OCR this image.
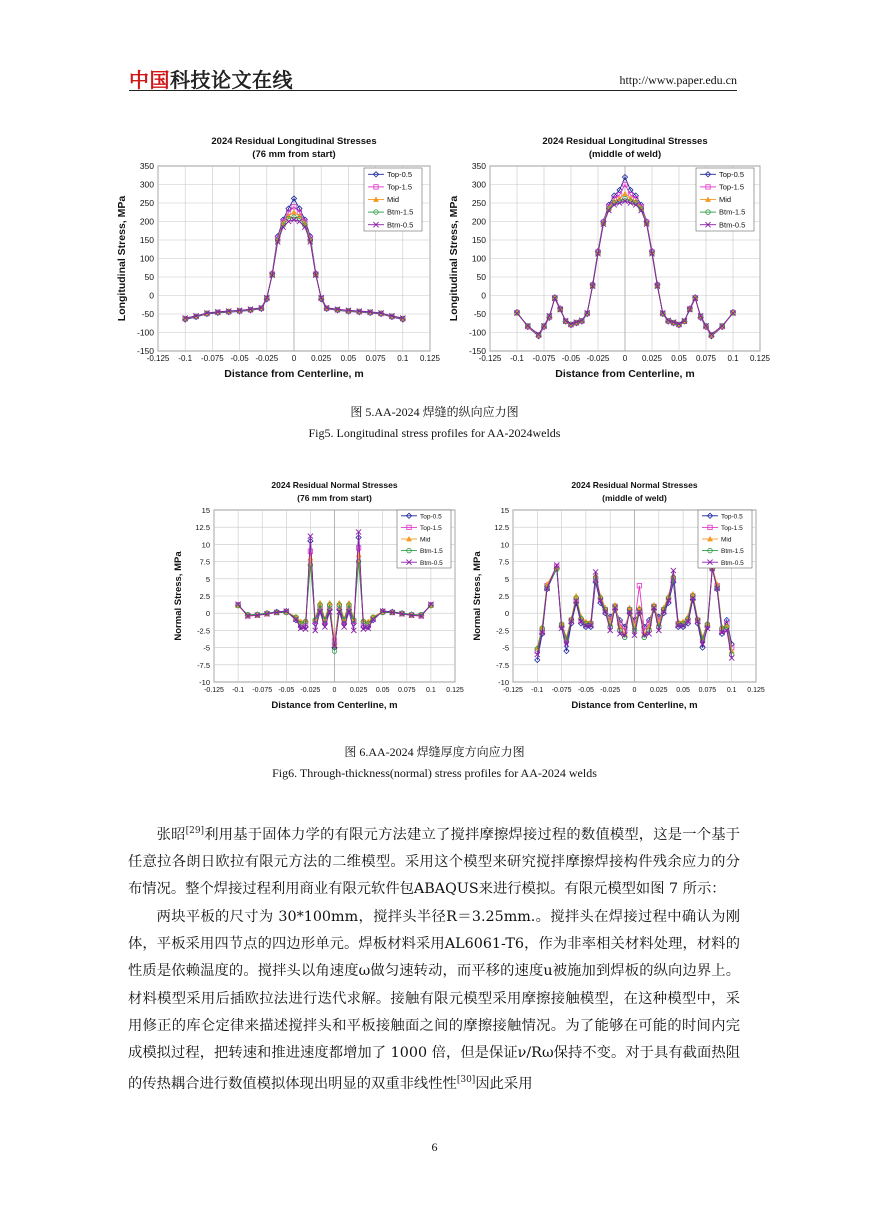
中国科技论文在线	http://www.paper.edu.cn
2024 Residual Longitudinal Stresses
(76 mm from start)
-0.125 -0.1 -0.075 -0.05 -0.025 0 0.025 0.05 0.075 0.1 0.125
-150
-100
-50
0
50
100
150
200
250
300
350
Distance from Centerline, m
Longitudinal Stress, MPa
Top-0.5
Top-1.5
Mid
Btm-1.5
Btm-0.5
2024 Residual Longitudinal Stresses
(middle of weld)
-0.125 -0.1 -0.075 -0.05 -0.025 0 0.025 0.05 0.075 0.1 0.125
-150
-100
-50
0
50
100
150
200
250
300
350
Distance from Centerline, m
Longitudinal Stress, MPa
Top-0.5
Top-1.5
Mid
Btm-1.5
Btm-0.5
图 5.AA-2024 焊缝的纵向应力图
Fig5. Longitudinal stress profiles for AA-2024welds
2024 Residual Normal Stresses
(76 mm from start)
-0.125 -0.1 -0.075 -0.05 -0.025 0 0.025 0.05 0.075 0.1 0.125
-10
-7.5
-5
-2.5
0
2.5
5
7.5
10
12.5
15
Distance from Centerline, m
Normal Stress, MPa
Top-0.5
Top-1.5
Mid
Btm-1.5
Btm-0.5
2024 Residual Normal Stresses
(middle of weld)
-0.125 -0.1 -0.075 -0.05 -0.025 0 0.025 0.05 0.075 0.1 0.125
-10
-7.5
-5
-2.5
0
2.5
5
7.5
10
12.5
15
Distance from Centerline, m
Normal Stress, MPa
Top-0.5
Top-1.5
Mid
Btm-1.5
Btm-0.5
图 6.AA-2024 焊缝厚度方向应力图
Fig6. Through-thickness(normal) stress profiles for AA-2024 welds

张昭[29]利用基于固体力学的有限元方法建立了搅拌摩擦焊接过程的数值模型，这是一个基于任意拉各朗日欧拉有限元方法的二维模型。采用这个模型来研究搅拌摩擦焊接构件残余应力的分布情况。整个焊接过程利用商业有限元软件包ABAQUS来进行模拟。有限元模型如图 7 所示：

两块平板的尺寸为 30*100mm，搅拌头半径R＝3.25mm.。搅拌头在焊接过程中确认为刚体，平板采用四节点的四边形单元。焊板材料采用AL6061-T6，作为非率相关材料处理，材料的性质是依赖温度的。搅拌头以角速度ω做匀速转动，而平移的速度u被施加到焊板的纵向边界上。材料模型采用后插欧拉法进行迭代求解。接触有限元模型采用摩擦接触模型，在这种模型中，采用修正的库仑定律来描述搅拌头和平板接触面之间的摩擦接触情况。为了能够在可能的时间内完成模拟过程，把转速和推进速度都增加了 1000 倍，但是保证ν/Rω保持不变。对于具有截面热阻的传热耦合进行数值模拟体现出明显的双重非线性性[30]因此采用

6
